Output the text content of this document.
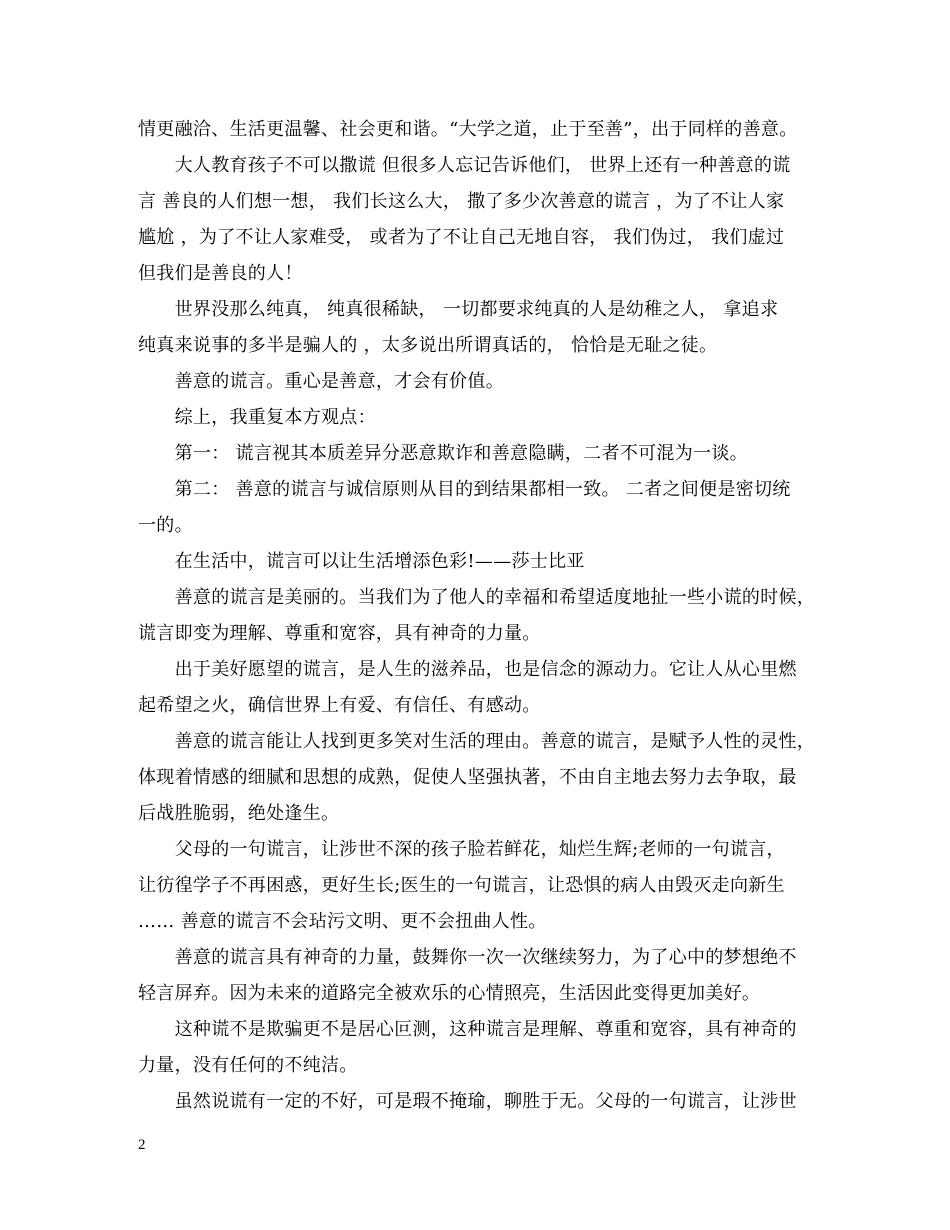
情更融洽、生活更温馨、社会更和谐。“大学之道，止于至善”，出于同样的善意。
　　大人教育孩子不可以撒谎 但很多人忘记告诉他们， 世界上还有一种善意的谎
言 善良的人们想一想， 我们长这么大， 撒了多少次善意的谎言 ，为了不让人家
尴尬 ，为了不让人家难受， 或者为了不让自己无地自容， 我们伪过， 我们虚过
但我们是善良的人！
　　世界没那么纯真， 纯真很稀缺， 一切都要求纯真的人是幼稚之人， 拿追求
纯真来说事的多半是骗人的 ，太多说出所谓真话的， 恰恰是无耻之徒。
　　善意的谎言。重心是善意，才会有价值。
　　综上，我重复本方观点：
　　第一： 谎言视其本质差异分恶意欺诈和善意隐瞒，二者不可混为一谈。
　　第二： 善意的谎言与诚信原则从目的到结果都相一致。 二者之间便是密切统
一的。
　　在生活中，谎言可以让生活增添色彩!——莎士比亚
　　善意的谎言是美丽的。当我们为了他人的幸福和希望适度地扯一些小谎的时候，
谎言即变为理解、尊重和宽容，具有神奇的力量。
　　出于美好愿望的谎言，是人生的滋养品，也是信念的源动力。它让人从心里燃
起希望之火，确信世界上有爱、有信任、有感动。
　　善意的谎言能让人找到更多笑对生活的理由。善意的谎言，是赋予人性的灵性，
体现着情感的细腻和思想的成熟，促使人坚强执著，不由自主地去努力去争取，最
后战胜脆弱，绝处逢生。
　　父母的一句谎言，让涉世不深的孩子脸若鲜花，灿烂生辉;老师的一句谎言，
让彷徨学子不再困惑，更好生长;医生的一句谎言，让恐惧的病人由毁灭走向新生
…… 善意的谎言不会玷污文明、更不会扭曲人性。
　　善意的谎言具有神奇的力量，鼓舞你一次一次继续努力，为了心中的梦想绝不
轻言屏弃。因为未来的道路完全被欢乐的心情照亮，生活因此变得更加美好。
　　这种谎不是欺骗更不是居心叵测，这种谎言是理解、尊重和宽容，具有神奇的
力量，没有任何的不纯洁。
　　虽然说谎有一定的不好，可是瑕不掩瑜，聊胜于无。父母的一句谎言，让涉世
2
